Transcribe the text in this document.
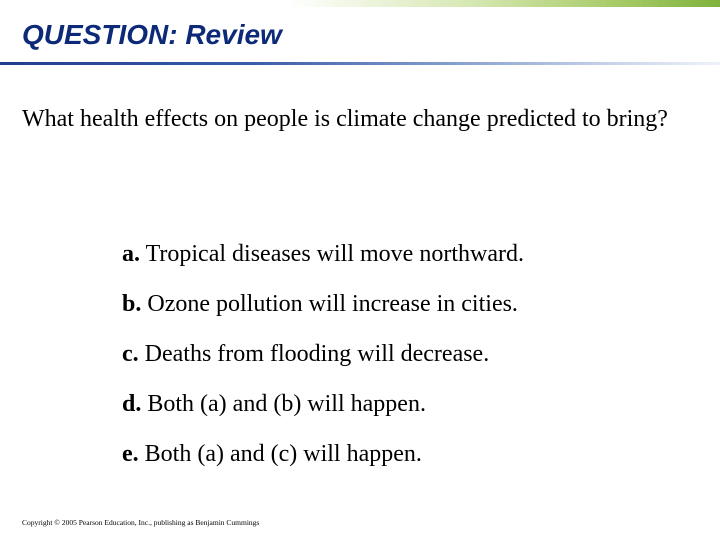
QUESTION: Review

What health effects on people is climate change predicted to bring?

a. Tropical diseases will move northward.
b. Ozone pollution will increase in cities.
c. Deaths from flooding will decrease.
d. Both (a) and (b) will happen.
e. Both (a) and (c) will happen.
Copyright © 2005 Pearson Education, Inc., publishing as Benjamin Cummings
